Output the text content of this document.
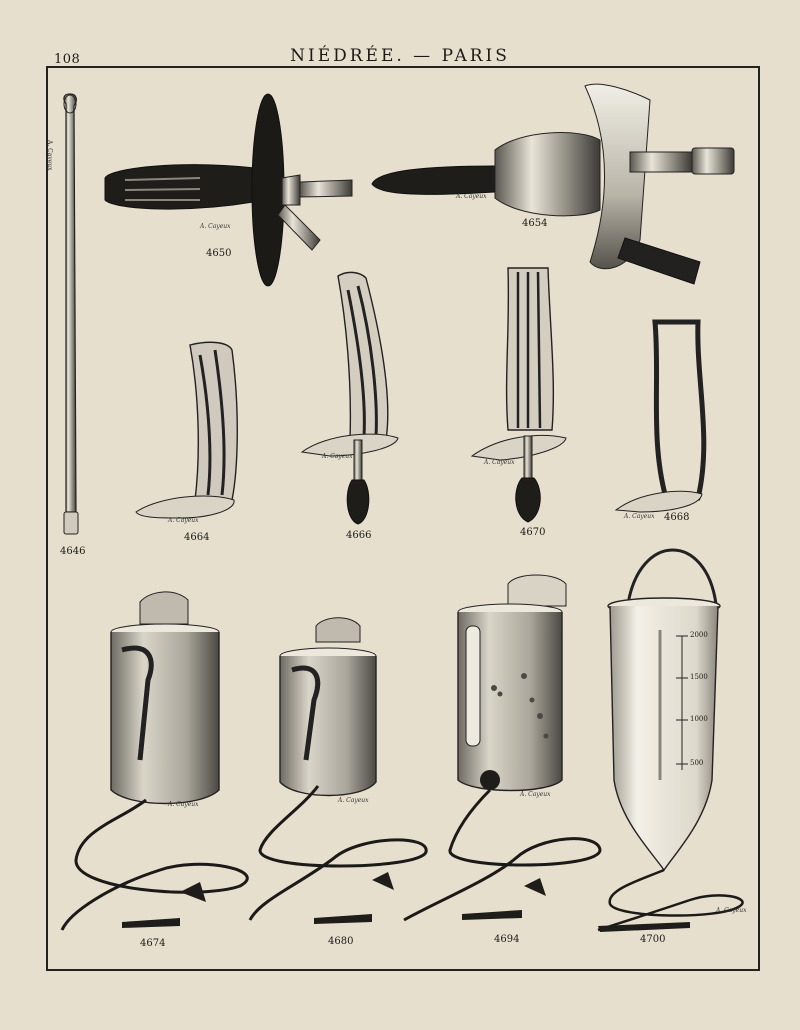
108	NIÉDRÉE. — PARIS
A. Cayeux
A. Cayeux
A. Cayeux
A. Cayeux
A. Cayeux
A. Cayeux
A. Cayeux
A. Cayeux
A. Cayeux
A. Cayeux
A. Cayeux
2000
1500
1000
500
4646
4650
4654
4664	4666	4670
4668
4674	4680	4694	4700
